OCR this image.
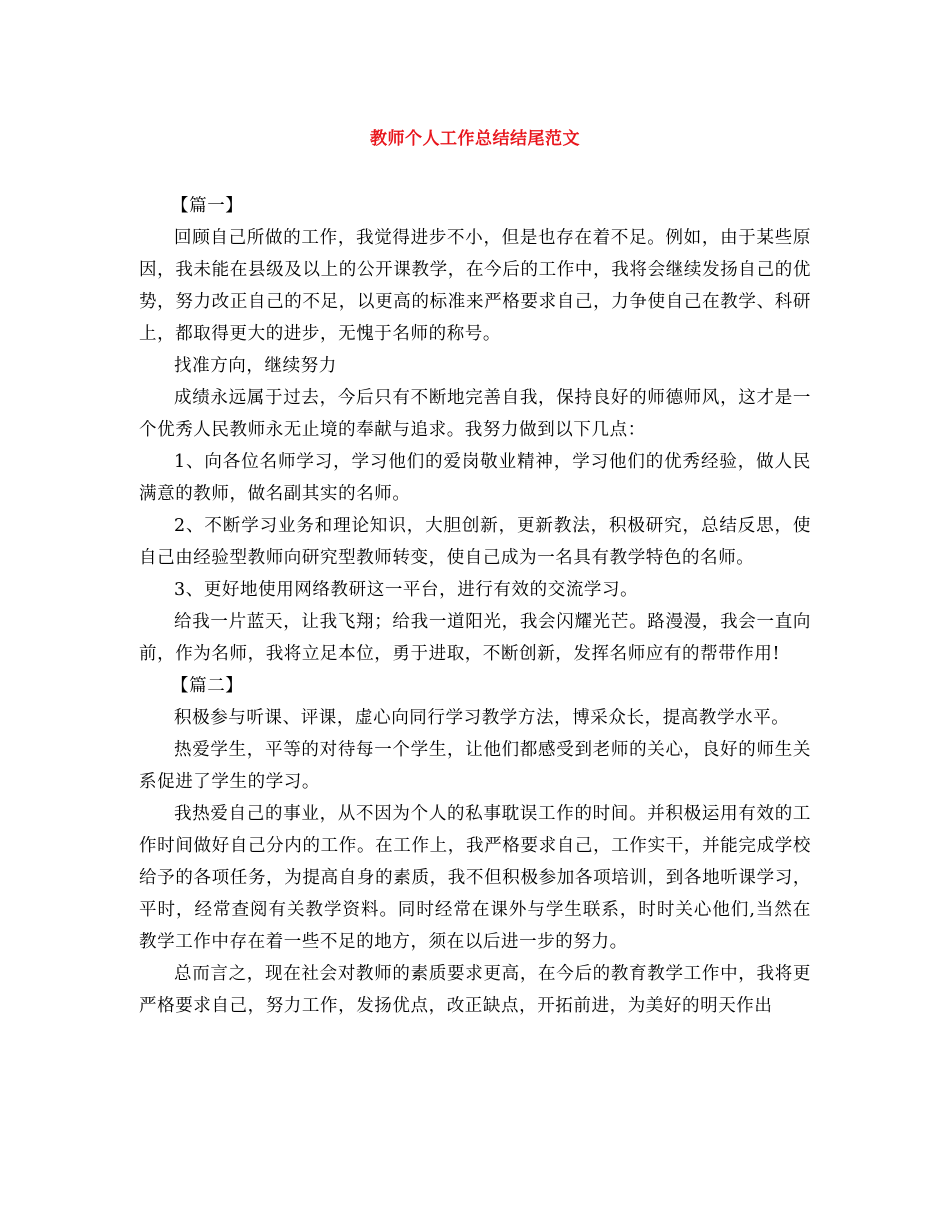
教师个人工作总结结尾范文

【篇一】

回顾自己所做的工作，我觉得进步不小，但是也存在着不足。例如，由于某些原因，我未能在县级及以上的公开课教学，在今后的工作中，我将会继续发扬自己的优势，努力改正自己的不足，以更高的标准来严格要求自己，力争使自己在教学、科研上，都取得更大的进步，无愧于名师的称号。

找准方向，继续努力

成绩永远属于过去，今后只有不断地完善自我，保持良好的师德师风，这才是一个优秀人民教师永无止境的奉献与追求。我努力做到以下几点：

1、向各位名师学习，学习他们的爱岗敬业精神，学习他们的优秀经验，做人民满意的教师，做名副其实的名师。

2、不断学习业务和理论知识，大胆创新，更新教法，积极研究，总结反思，使自己由经验型教师向研究型教师转变，使自己成为一名具有教学特色的名师。

3、更好地使用网络教研这一平台，进行有效的交流学习。

给我一片蓝天，让我飞翔；给我一道阳光，我会闪耀光芒。路漫漫，我会一直向前，作为名师，我将立足本位，勇于进取，不断创新，发挥名师应有的帮带作用!

【篇二】

积极参与听课、评课，虚心向同行学习教学方法，博采众长，提高教学水平。

热爱学生，平等的对待每一个学生，让他们都感受到老师的关心，良好的师生关系促进了学生的学习。

我热爱自己的事业，从不因为个人的私事耽误工作的时间。并积极运用有效的工作时间做好自己分内的工作。在工作上，我严格要求自己，工作实干，并能完成学校给予的各项任务，为提高自身的素质，我不但积极参加各项培训，到各地听课学习，平时，经常查阅有关教学资料。同时经常在课外与学生联系，时时关心他们,当然在教学工作中存在着一些不足的地方，须在以后进一步的努力。

总而言之，现在社会对教师的素质要求更高，在今后的教育教学工作中，我将更严格要求自己，努力工作，发扬优点，改正缺点，开拓前进，为美好的明天作出
